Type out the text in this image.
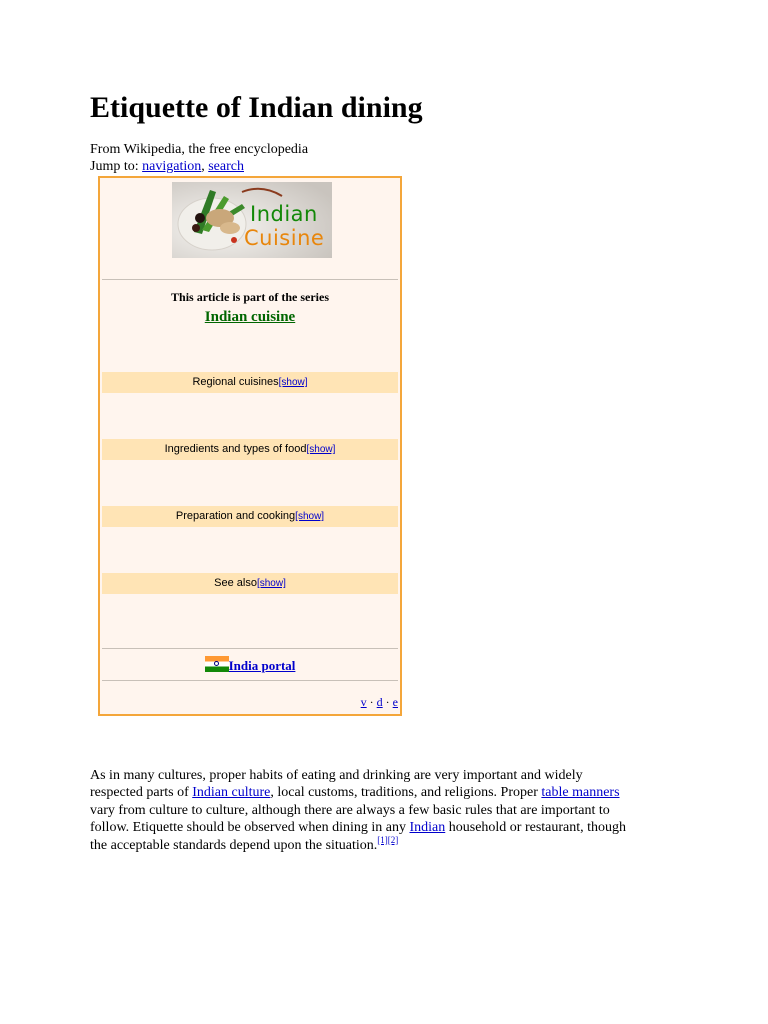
Etiquette of Indian dining
From Wikipedia, the free encyclopedia
Jump to: navigation, search
Indian
Cuisine
This article is part of the series
Indian cuisine
Regional cuisines[show]
Ingredients and types of food[show]
Preparation and cooking[show]
See also[show]
India portal
v · d · e
As in many cultures, proper habits of eating and drinking are very important and widely
respected parts of Indian culture, local customs, traditions, and religions. Proper table manners
vary from culture to culture, although there are always a few basic rules that are important to
follow. Etiquette should be observed when dining in any Indian household or restaurant, though
the acceptable standards depend upon the situation.[1][2]
